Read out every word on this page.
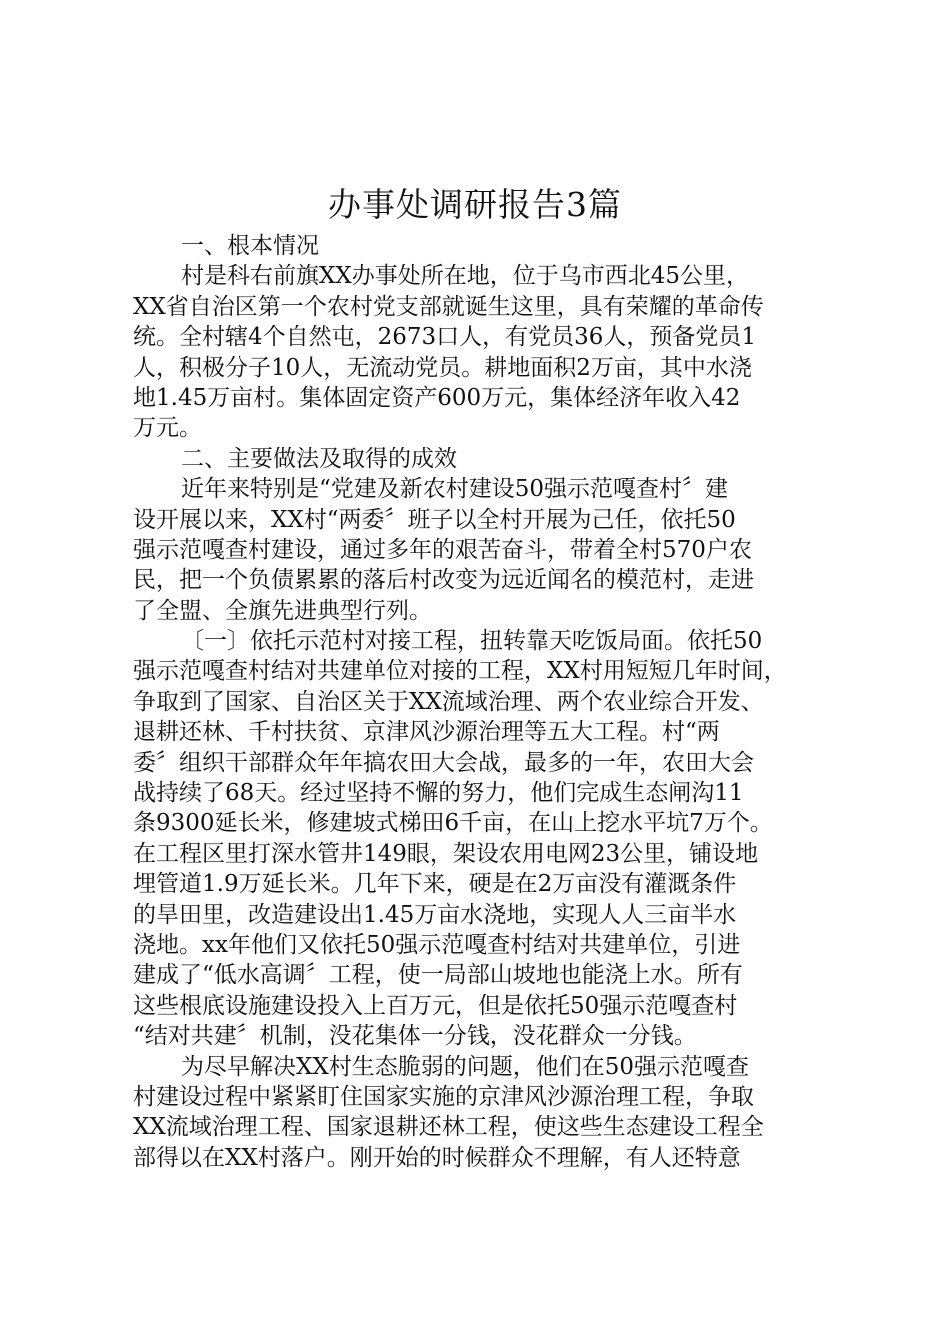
办事处调研报告3篇
一、根本情况
村是科右前旗XX办事处所在地，位于乌市西北45公里，
XX省自治区第一个农村党支部就诞生这里，具有荣耀的革命传
统。全村辖4个自然屯，2673口人，有党员36人，预备党员1
人，积极分子10人，无流动党员。耕地面积2万亩，其中水浇
地1.45万亩村。集体固定资产600万元，集体经济年收入42
万元。
二、主要做法及取得的成效
近年来特别是“党建及新农村建设50强示范嘎查村〞建
设开展以来，XX村“两委〞班子以全村开展为己任，依托50
强示范嘎查村建设，通过多年的艰苦奋斗，带着全村570户农
民，把一个负债累累的落后村改变为远近闻名的模范村，走进
了全盟、全旗先进典型行列。
〔一〕依托示范村对接工程，扭转靠天吃饭局面。依托50
强示范嘎查村结对共建单位对接的工程，XX村用短短几年时间，
争取到了国家、自治区关于XX流域治理、两个农业综合开发、
退耕还林、千村扶贫、京津风沙源治理等五大工程。村“两
委〞组织干部群众年年搞农田大会战，最多的一年，农田大会
战持续了68天。经过坚持不懈的努力，他们完成生态闸沟11
条9300延长米，修建坡式梯田6千亩，在山上挖水平坑7万个。
在工程区里打深水管井149眼，架设农用电网23公里，铺设地
埋管道1.9万延长米。几年下来，硬是在2万亩没有灌溉条件
的旱田里，改造建设出1.45万亩水浇地，实现人人三亩半水
浇地。xx年他们又依托50强示范嘎查村结对共建单位，引进
建成了“低水高调〞工程，使一局部山坡地也能浇上水。所有
这些根底设施建设投入上百万元，但是依托50强示范嘎查村
“结对共建〞机制，没花集体一分钱，没花群众一分钱。
为尽早解决XX村生态脆弱的问题，他们在50强示范嘎查
村建设过程中紧紧盯住国家实施的京津风沙源治理工程，争取
XX流域治理工程、国家退耕还林工程，使这些生态建设工程全
部得以在XX村落户。刚开始的时候群众不理解，有人还特意
